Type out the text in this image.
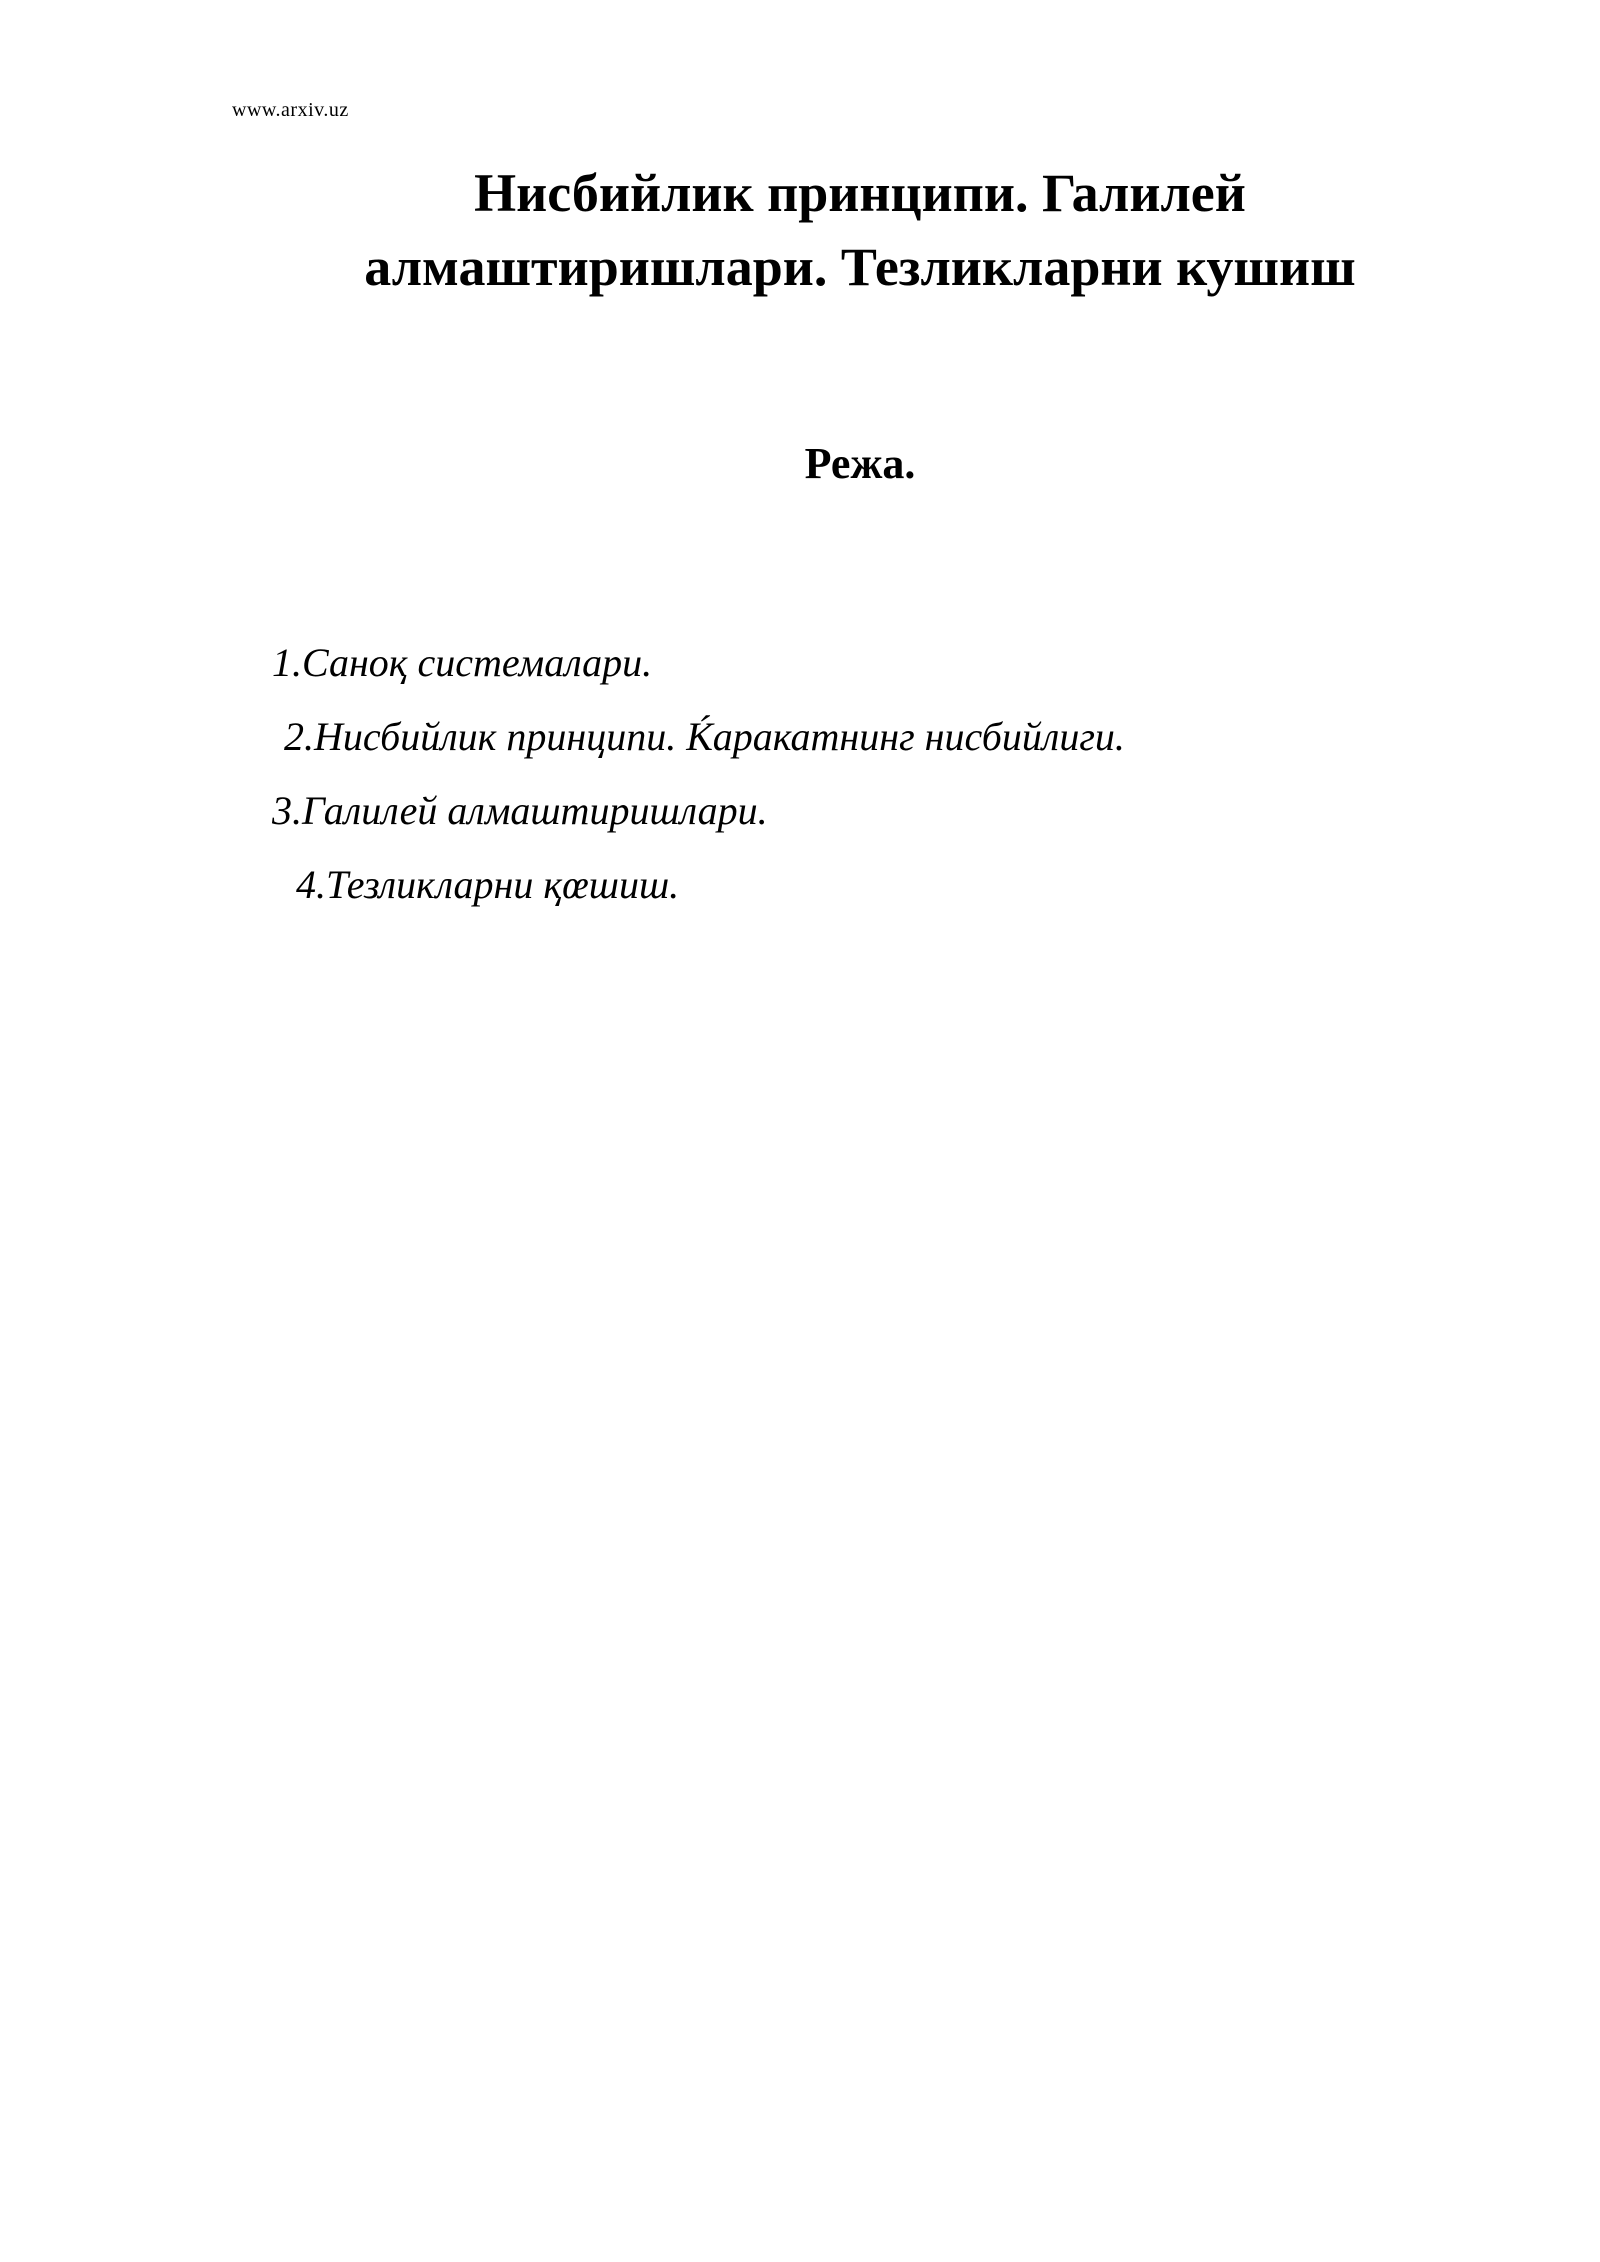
www.arxiv.uz
Нисбийлик принципи. Галилей
алмаштиришлари. Тезликларни кушиш
Режа.
1.Саноқ системалари.
2.Нисбийлик принципи. Ќаракатнинг нисбийлиги.
3.Галилей алмаштиришлари.
4.Тезликларни қœшиш.
